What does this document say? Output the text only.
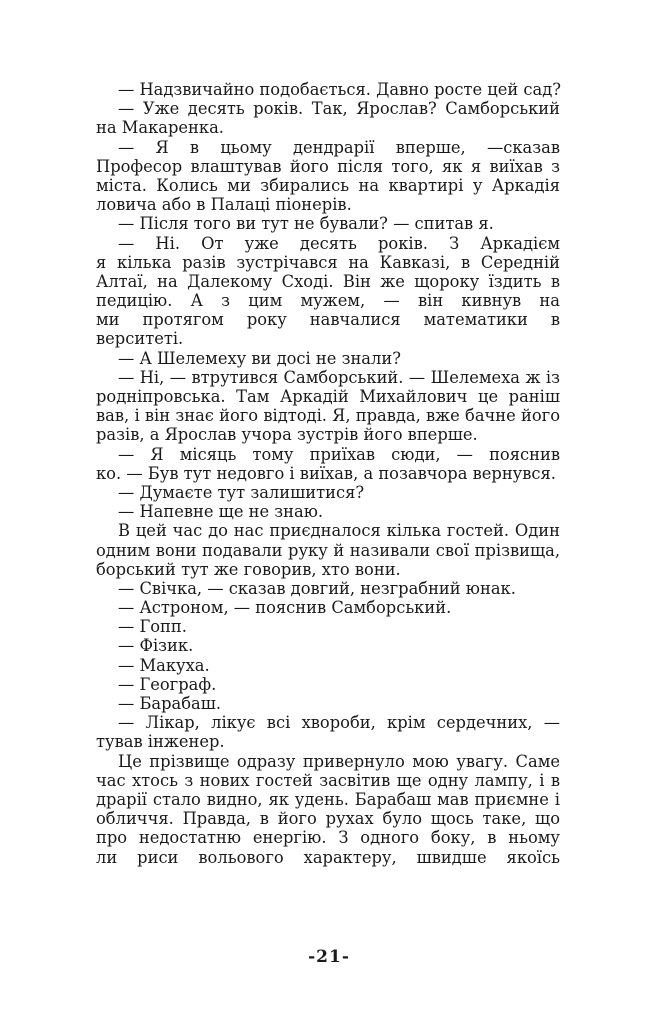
— Надзвичайно подобається. Давно росте цей сад?
— Уже десять років. Так, Ярослав? Самборський
на Макаренка.
— Я в цьому дендрарії вперше, —сказав
Професор влаштував його після того, як я виїхав з
міста. Колись ми збирались на квартирі у Аркадія
ловича або в Палаці піонерів.
— Після того ви тут не бували? — спитав я.
— Ні. От уже десять років. З Аркадієм
я кілька разів зустрічався на Кавказі, в Середній
Алтаї, на Далекому Сході. Він же щороку їздить в
педицію. А з цим мужем, — він кивнув на
ми протягом року навчалися математики в
верситеті.
— А Шелемеху ви досі не знали?
— Ні, — втрутився Самборський. — Шелемеха ж із
родніпровська. Там Аркадій Михайлович це раніш
вав, і він знає його відтоді. Я, правда, вже бачне його
разів, а Ярослав учора зустрів його вперше.
— Я місяць тому приїхав сюди, — пояснив
ко. — Був тут недовго і виїхав, а позавчора вернувся.
— Думаєте тут залишитися?
— Напевне ще не знаю.
В цей час до нас приєдналося кілька гостей. Один
одним вони подавали руку й називали свої прізвища,
борський тут же говорив, хто вони.
— Свічка, — сказав довгий, незграбний юнак.
— Астроном, — пояснив Самборський.
— Гопп.
— Фізик.
— Макуха.
— Географ.
— Барабаш.
— Лікар, лікує всі хвороби, крім сердечних, —
тував інженер.
Це прізвище одразу привернуло мою увагу. Саме
час хтось з нових гостей засвітив ще одну лампу, і в
драрії стало видно, як удень. Барабаш мав приємне і
обличчя. Правда, в його рухах було щось таке, що
про недостатню енергію. З одного боку, в ньому
ли риси вольового характеру, швидше якоїсь
-21-
